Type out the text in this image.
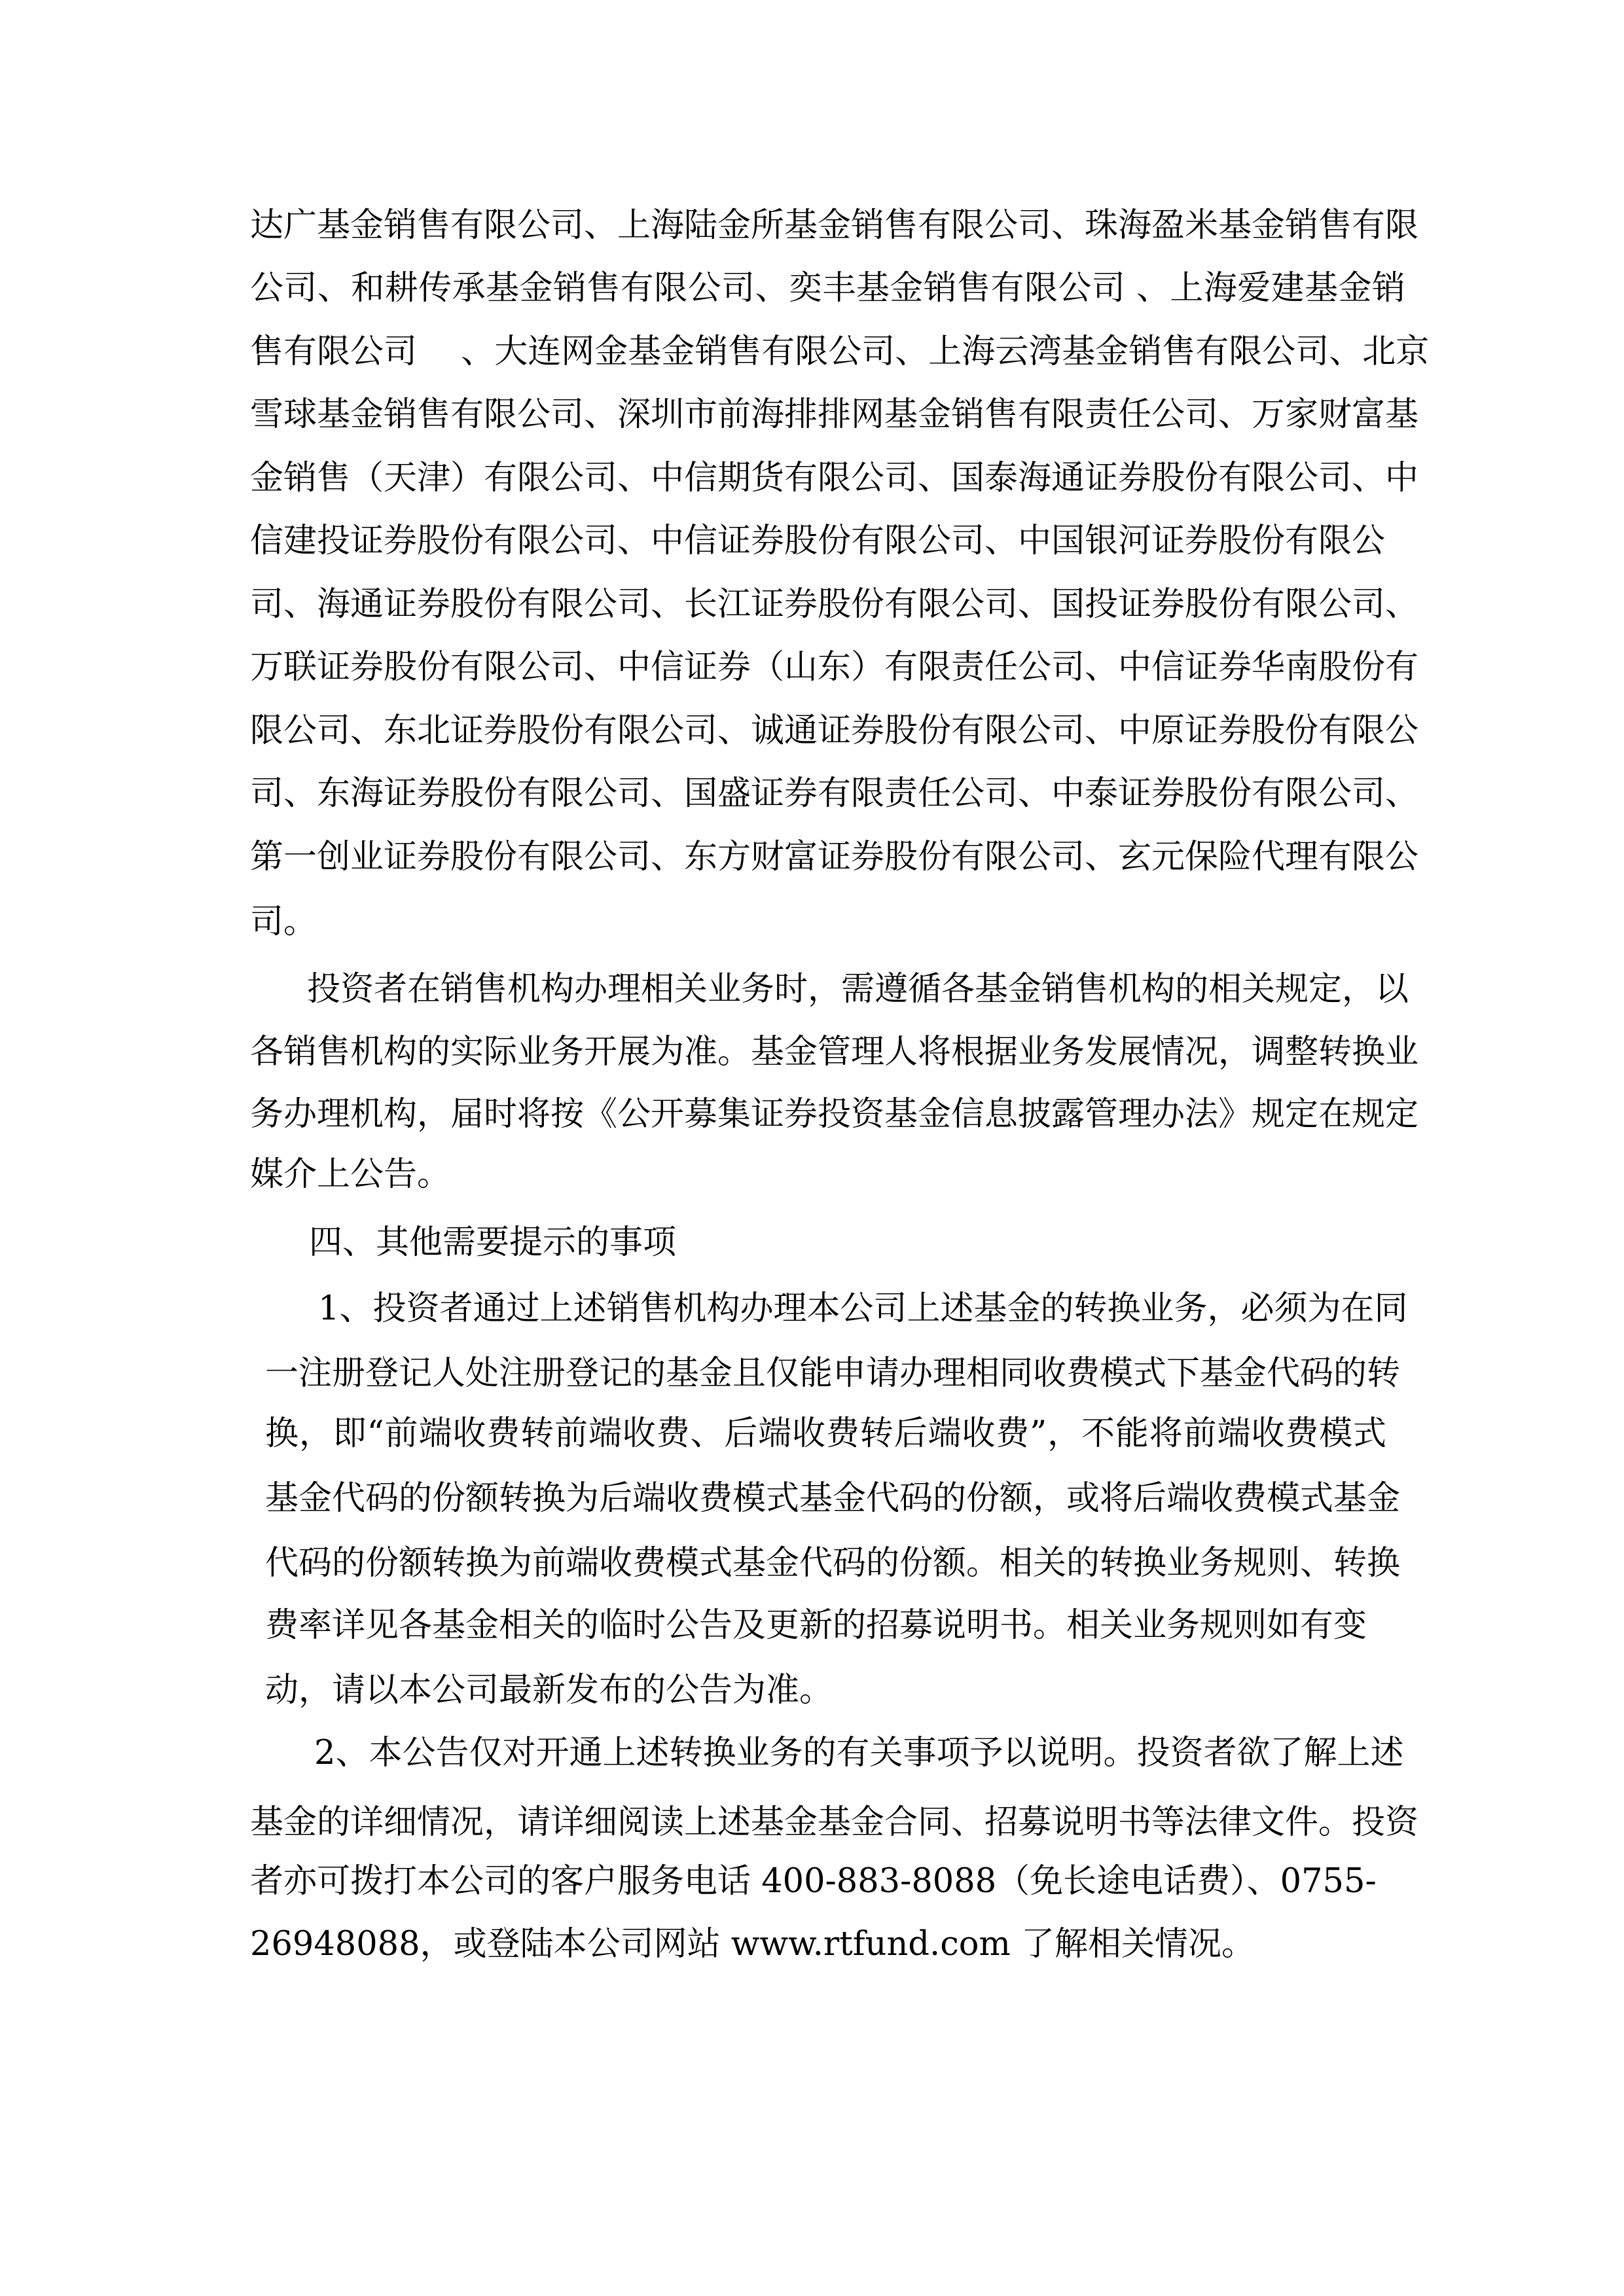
达广基金销售有限公司、上海陆金所基金销售有限公司、珠海盈米基金销售有限
公司、和耕传承基金销售有限公司、奕丰基金销售有限公司 、上海爱建基金销
售有限公司 　、大连网金基金销售有限公司、上海云湾基金销售有限公司、北京
雪球基金销售有限公司、深圳市前海排排网基金销售有限责任公司、万家财富基
金销售（天津）有限公司、中信期货有限公司、国泰海通证券股份有限公司、中
信建投证券股份有限公司、中信证券股份有限公司、中国银河证券股份有限公
司、海通证券股份有限公司、长江证券股份有限公司、国投证券股份有限公司、
万联证券股份有限公司、中信证券（山东）有限责任公司、中信证券华南股份有
限公司、东北证券股份有限公司、诚通证券股份有限公司、中原证券股份有限公
司、东海证券股份有限公司、国盛证券有限责任公司、中泰证券股份有限公司、
第一创业证券股份有限公司、东方财富证券股份有限公司、玄元保险代理有限公
司。
投资者在销售机构办理相关业务时，需遵循各基金销售机构的相关规定，以
各销售机构的实际业务开展为准。基金管理人将根据业务发展情况，调整转换业
务办理机构，届时将按《公开募集证券投资基金信息披露管理办法》规定在规定
媒介上公告。
四、其他需要提示的事项
1、投资者通过上述销售机构办理本公司上述基金的转换业务，必须为在同
一注册登记人处注册登记的基金且仅能申请办理相同收费模式下基金代码的转
换，即“前端收费转前端收费、后端收费转后端收费”，不能将前端收费模式
基金代码的份额转换为后端收费模式基金代码的份额，或将后端收费模式基金
代码的份额转换为前端收费模式基金代码的份额。相关的转换业务规则、转换
费率详见各基金相关的临时公告及更新的招募说明书。相关业务规则如有变
动，请以本公司最新发布的公告为准。
2、本公告仅对开通上述转换业务的有关事项予以说明。投资者欲了解上述
基金的详细情况，请详细阅读上述基金基金合同、招募说明书等法律文件。投资
者亦可拨打本公司的客户服务电话 400-883-8088（免长途电话费）、0755-
26948088，或登陆本公司网站 www.rtfund.com 了解相关情况。
